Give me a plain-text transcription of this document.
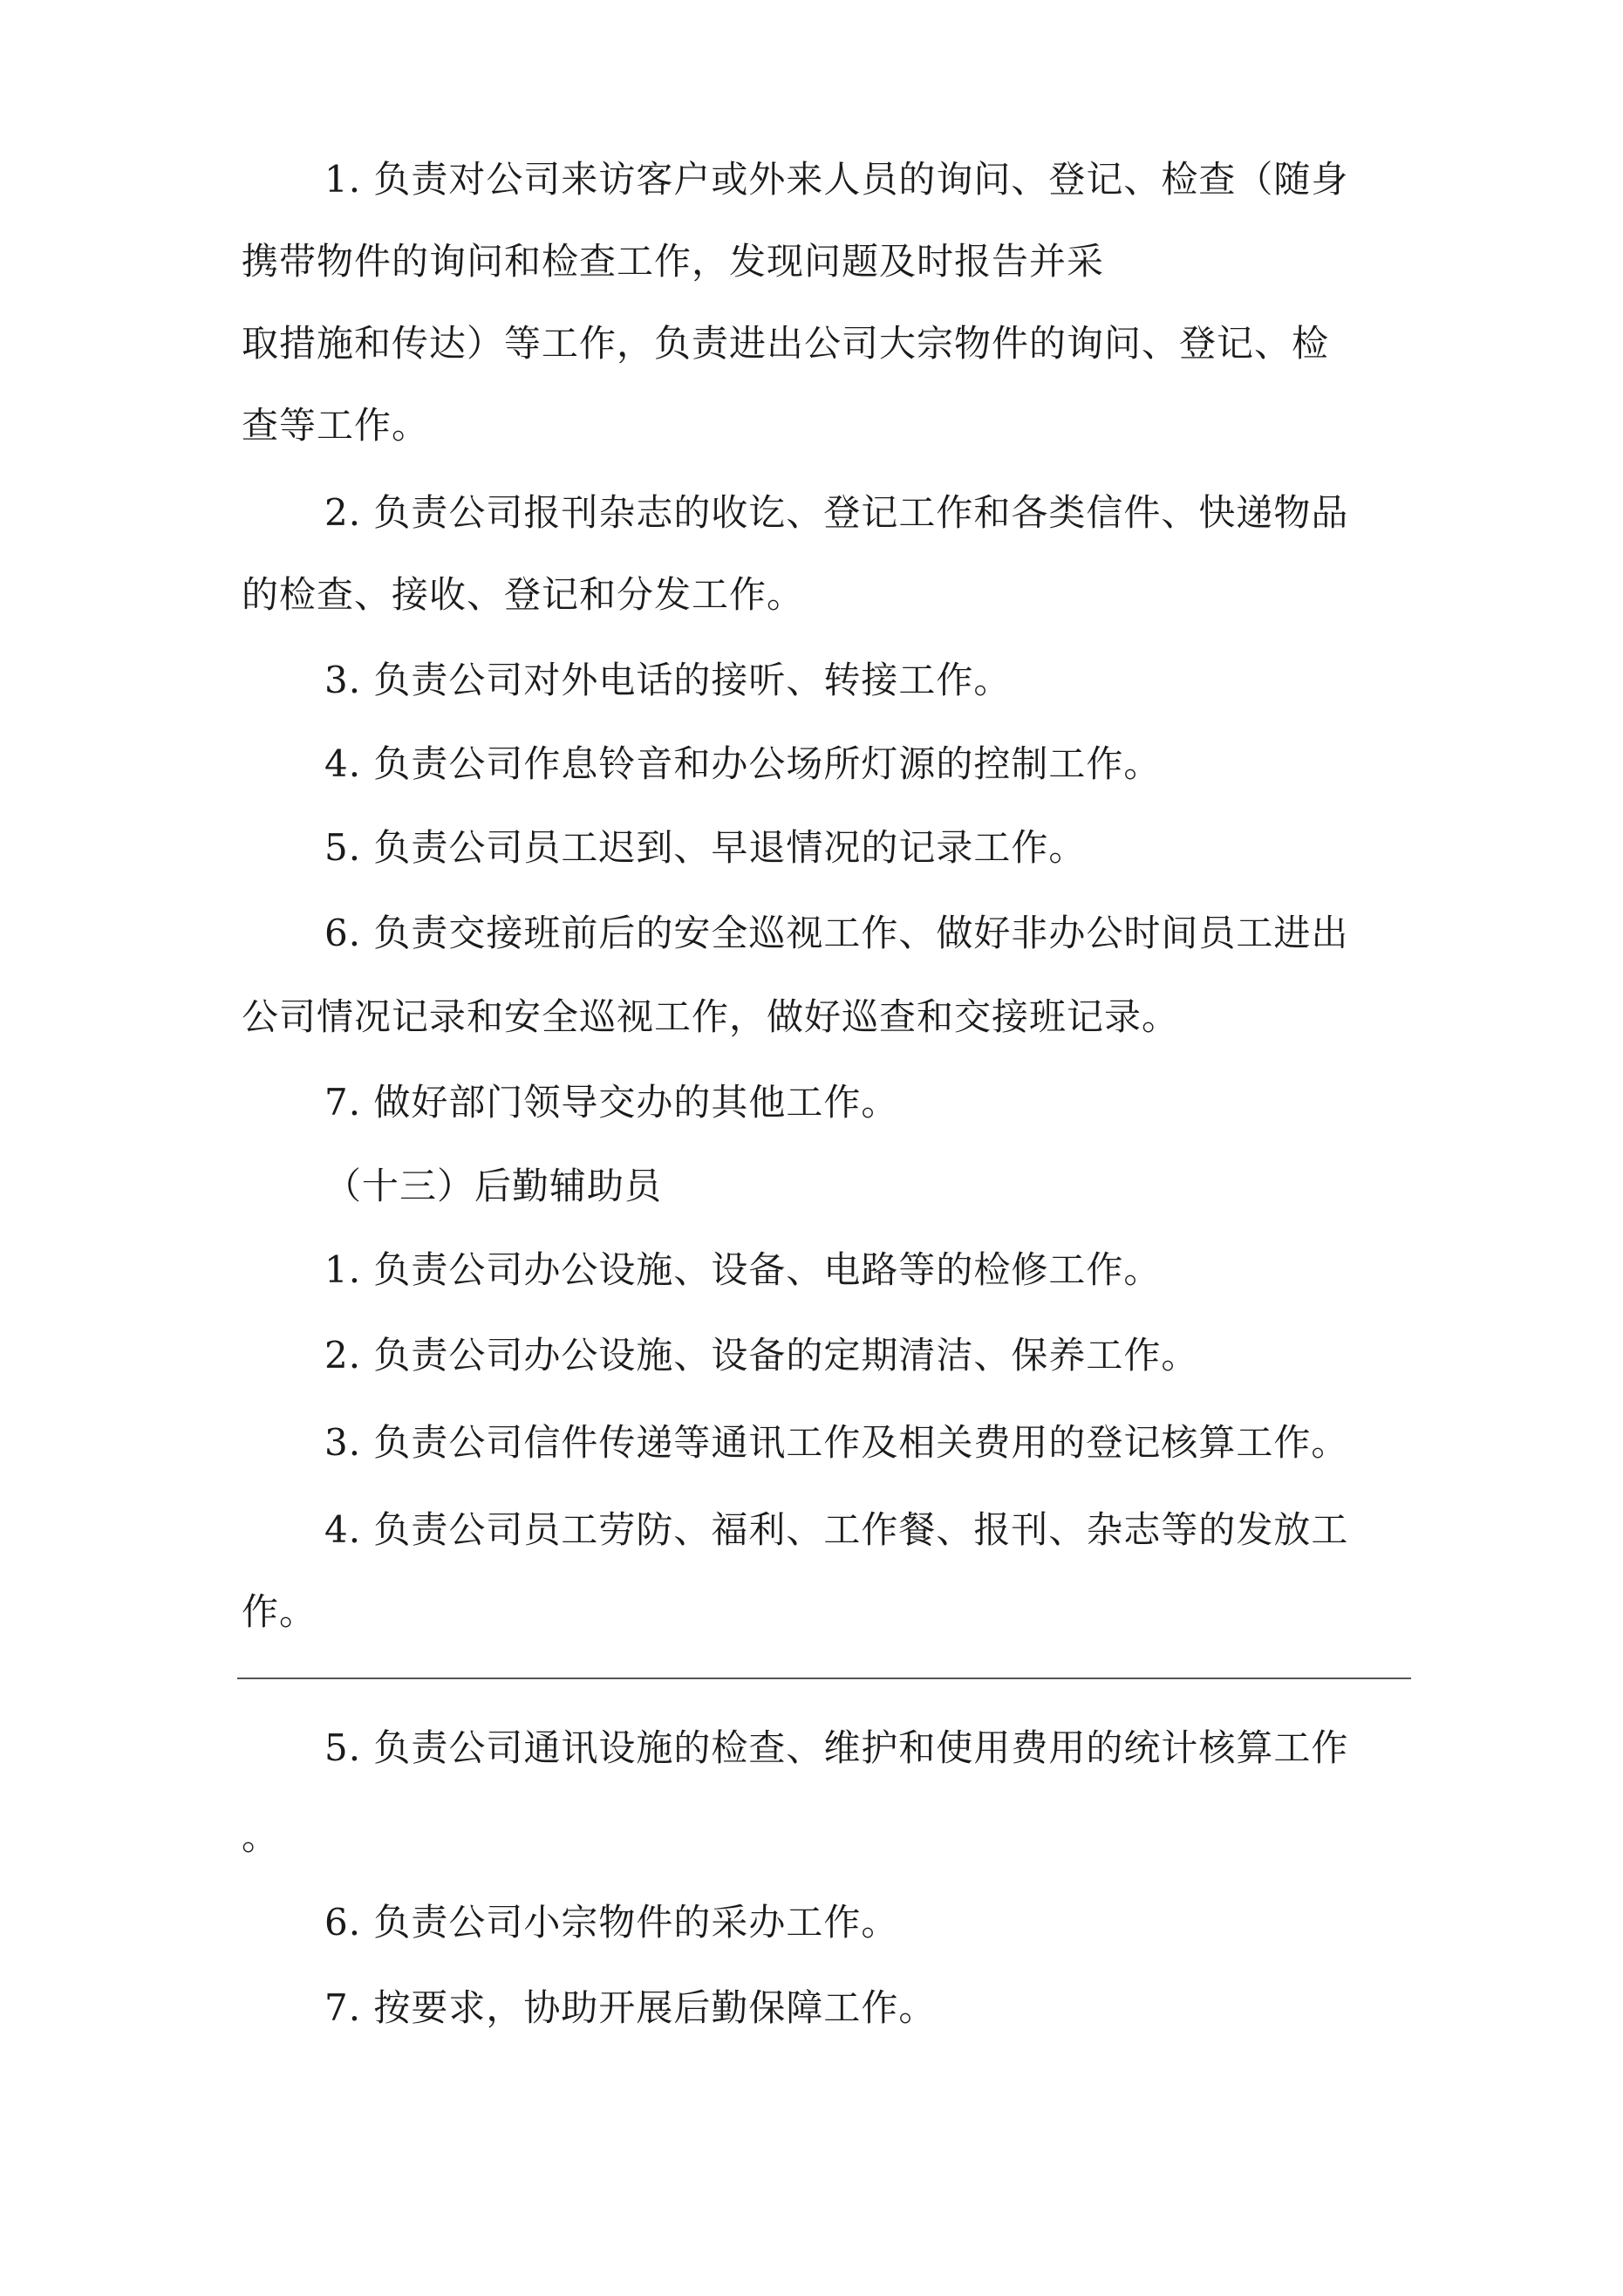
1. 负责对公司来访客户或外来人员的询问、登记、检查（随身
携带物件的询问和检查工作，发现问题及时报告并采
取措施和传达）等工作，负责进出公司大宗物件的询问、登记、检
查等工作。
2. 负责公司报刊杂志的收讫、登记工作和各类信件、快递物品
的检查、接收、登记和分发工作。
3. 负责公司对外电话的接听、转接工作。
4. 负责公司作息铃音和办公场所灯源的控制工作。
5. 负责公司员工迟到、早退情况的记录工作。
6. 负责交接班前后的安全巡视工作、做好非办公时间员工进出
公司情况记录和安全巡视工作，做好巡查和交接班记录。
7. 做好部门领导交办的其他工作。
（十三）后勤辅助员
1. 负责公司办公设施、设备、电路等的检修工作。
2. 负责公司办公设施、设备的定期清洁、保养工作。
3. 负责公司信件传递等通讯工作及相关费用的登记核算工作。
4. 负责公司员工劳防、福利、工作餐、报刊、杂志等的发放工
作。
5. 负责公司通讯设施的检查、维护和使用费用的统计核算工作
。
6. 负责公司小宗物件的采办工作。
7. 按要求，协助开展后勤保障工作。
